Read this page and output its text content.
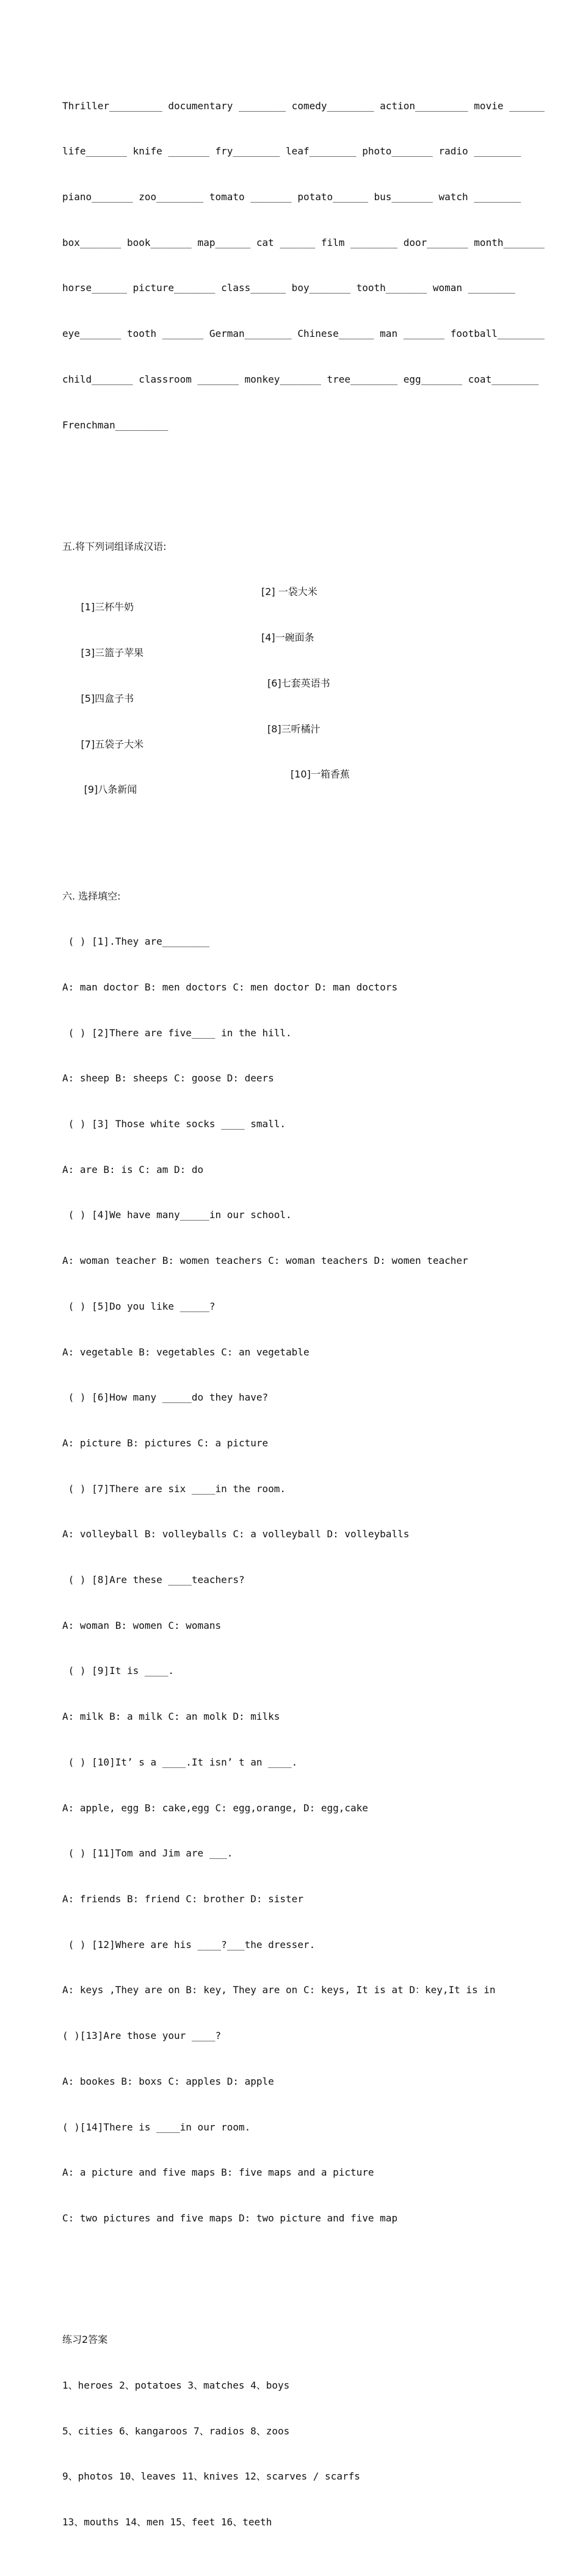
Thriller_________ documentary ________ comedy________ action_________ movie ______

life_______ knife _______ fry________ leaf________ photo_______ radio ________

piano_______ zoo________ tomato _______ potato______ bus_______ watch ________

box_______ book_______ map______ cat ______ film ________ door_______ month_______

horse______ picture_______ class______ boy_______ tooth_______ woman ________

eye_______ tooth _______ German________ Chinese______ man _______ football________

child_______ classroom _______ monkey_______ tree________ egg_______ coat________

Frenchman_________

五.将下列词组译成汉语:

[1]三杯牛奶

[2] 一袋大米

[3]三篮子苹果

[4]一碗面条

[5]四盒子书

[6]七套英语书

[7]五袋子大米

[8]三听橘汁

[9]八条新闻

[10]一箱香蕉

六. 选择填空:

( ) [1].They are________

A: man doctor B: men doctors C: men doctor D: man doctors

( ) [2]There are five____ in the hill.

A: sheep B: sheeps C: goose D: deers

( ) [3] Those white socks ____ small.

A: are B: is C: am D: do

( ) [4]We have many_____in our school.

A: woman teacher B: women teachers C: woman teachers D: women teacher

( ) [5]Do you like _____?

A: vegetable B: vegetables C: an vegetable

( ) [6]How many _____do they have?

A: picture B: pictures C: a picture

( ) [7]There are six ____in the room.

A: volleyball B: volleyballs C: a volleyball D: volleyballs

( ) [8]Are these ____teachers?

A: woman B: women C: womans

( ) [9]It is ____.

A: milk B: a milk C: an molk D: milks

( ) [10]It’ s a ____.It isn’ t an ____.

A: apple, egg B: cake,egg C: egg,orange, D: egg,cake

( ) [11]Tom and Jim are ___.

A: friends B: friend C: brother D: sister

( ) [12]Where are his ____?___the dresser.

A: keys ,They are on B: key, They are on C: keys, It is at D：key,It is in

( )[13]Are those your ____?

A: bookes B: boxs C: apples D: apple

( )[14]There is ____in our room.

A: a picture and five maps B: five maps and a picture

C: two pictures and five maps D: two picture and five map

练习2答案

1、heroes 2、potatoes 3、matches 4、boys

5、cities 6、kangaroos 7、radios 8、zoos

9、photos 10、leaves 11、knives 12、scarves / scarfs

13、mouths 14、men 15、feet 16、teeth
